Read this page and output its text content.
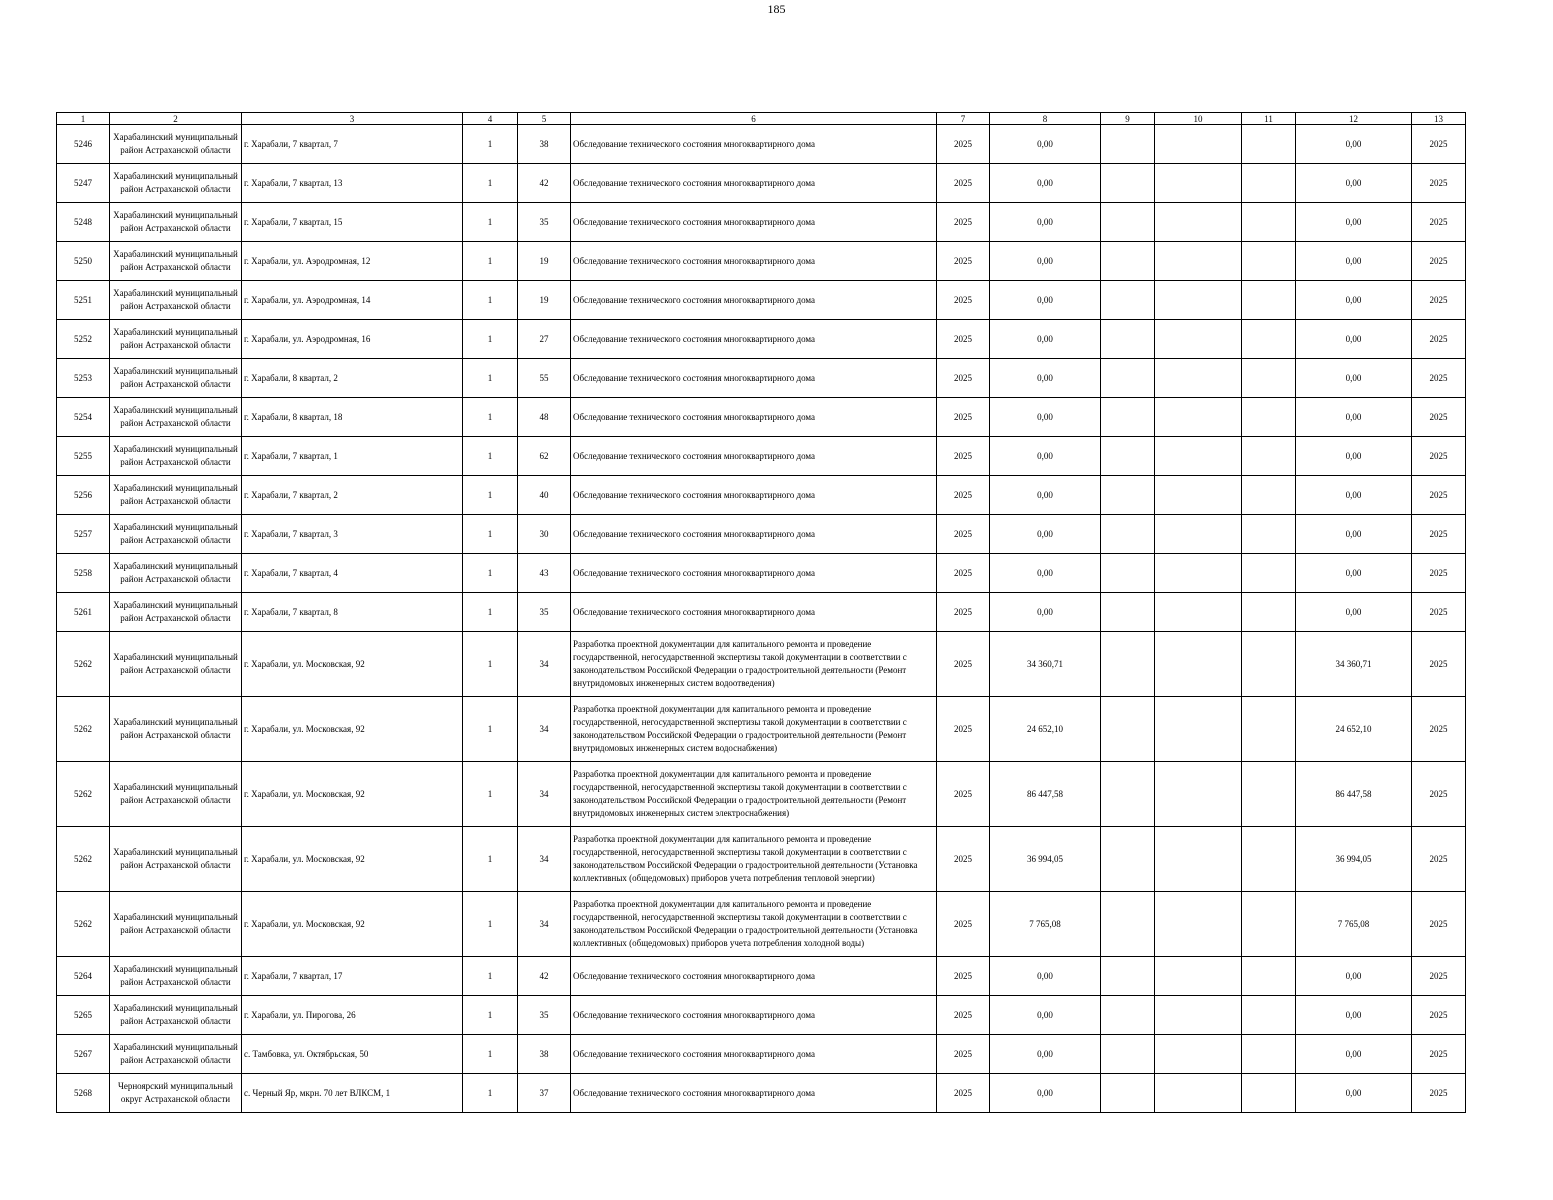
185
1	2	3	4	5	6	7	8	9	10	11	12	13
5246	Харабалинский муниципальный район Астраханской области	г. Харабали, 7 квартал, 7	1	38	Обследование технического состояния многоквартирного дома	2025	0,00				0,00	2025
5247	Харабалинский муниципальный район Астраханской области	г. Харабали, 7 квартал, 13	1	42	Обследование технического состояния многоквартирного дома	2025	0,00				0,00	2025
5248	Харабалинский муниципальный район Астраханской области	г. Харабали, 7 квартал, 15	1	35	Обследование технического состояния многоквартирного дома	2025	0,00				0,00	2025
5250	Харабалинский муниципальный район Астраханской области	г. Харабали, ул. Аэродромная, 12	1	19	Обследование технического состояния многоквартирного дома	2025	0,00				0,00	2025
5251	Харабалинский муниципальный район Астраханской области	г. Харабали, ул. Аэродромная, 14	1	19	Обследование технического состояния многоквартирного дома	2025	0,00				0,00	2025
5252	Харабалинский муниципальный район Астраханской области	г. Харабали, ул. Аэродромная, 16	1	27	Обследование технического состояния многоквартирного дома	2025	0,00				0,00	2025
5253	Харабалинский муниципальный район Астраханской области	г. Харабали, 8 квартал, 2	1	55	Обследование технического состояния многоквартирного дома	2025	0,00				0,00	2025
5254	Харабалинский муниципальный район Астраханской области	г. Харабали, 8 квартал, 18	1	48	Обследование технического состояния многоквартирного дома	2025	0,00				0,00	2025
5255	Харабалинский муниципальный район Астраханской области	г. Харабали, 7 квартал, 1	1	62	Обследование технического состояния многоквартирного дома	2025	0,00				0,00	2025
5256	Харабалинский муниципальный район Астраханской области	г. Харабали, 7 квартал, 2	1	40	Обследование технического состояния многоквартирного дома	2025	0,00				0,00	2025
5257	Харабалинский муниципальный район Астраханской области	г. Харабали, 7 квартал, 3	1	30	Обследование технического состояния многоквартирного дома	2025	0,00				0,00	2025
5258	Харабалинский муниципальный район Астраханской области	г. Харабали, 7 квартал, 4	1	43	Обследование технического состояния многоквартирного дома	2025	0,00				0,00	2025
5261	Харабалинский муниципальный район Астраханской области	г. Харабали, 7 квартал, 8	1	35	Обследование технического состояния многоквартирного дома	2025	0,00				0,00	2025
5262	Харабалинский муниципальный район Астраханской области	г. Харабали, ул. Московская, 92	1	34	Разработка проектной документации для капитального ремонта и проведение государственной, негосударственной экспертизы такой документации в соответствии с законодательством Российской Федерации о градостроительной деятельности (Ремонт внутридомовых инженерных систем водоотведения)	2025	34 360,71				34 360,71	2025
5262	Харабалинский муниципальный район Астраханской области	г. Харабали, ул. Московская, 92	1	34	Разработка проектной документации для капитального ремонта и проведение государственной, негосударственной экспертизы такой документации в соответствии с законодательством Российской Федерации о градостроительной деятельности (Ремонт внутридомовых инженерных систем водоснабжения)	2025	24 652,10				24 652,10	2025
5262	Харабалинский муниципальный район Астраханской области	г. Харабали, ул. Московская, 92	1	34	Разработка проектной документации для капитального ремонта и проведение государственной, негосударственной экспертизы такой документации в соответствии с законодательством Российской Федерации о градостроительной деятельности (Ремонт внутридомовых инженерных систем электроснабжения)	2025	86 447,58				86 447,58	2025
5262	Харабалинский муниципальный район Астраханской области	г. Харабали, ул. Московская, 92	1	34	Разработка проектной документации для капитального ремонта и проведение государственной, негосударственной экспертизы такой документации в соответствии с законодательством Российской Федерации о градостроительной деятельности (Установка коллективных (общедомовых) приборов учета потребления тепловой энергии)	2025	36 994,05				36 994,05	2025
5262	Харабалинский муниципальный район Астраханской области	г. Харабали, ул. Московская, 92	1	34	Разработка проектной документации для капитального ремонта и проведение государственной, негосударственной экспертизы такой документации в соответствии с законодательством Российской Федерации о градостроительной деятельности (Установка коллективных (общедомовых) приборов учета потребления холодной воды)	2025	7 765,08				7 765,08	2025
5264	Харабалинский муниципальный район Астраханской области	г. Харабали, 7 квартал, 17	1	42	Обследование технического состояния многоквартирного дома	2025	0,00				0,00	2025
5265	Харабалинский муниципальный район Астраханской области	г. Харабали, ул. Пирогова, 26	1	35	Обследование технического состояния многоквартирного дома	2025	0,00				0,00	2025
5267	Харабалинский муниципальный район Астраханской области	с. Тамбовка, ул. Октябрьская, 50	1	38	Обследование технического состояния многоквартирного дома	2025	0,00				0,00	2025
5268	Черноярский муниципальный округ Астраханской области	с. Черный Яр, мкрн. 70 лет ВЛКСМ, 1	1	37	Обследование технического состояния многоквартирного дома	2025	0,00				0,00	2025
